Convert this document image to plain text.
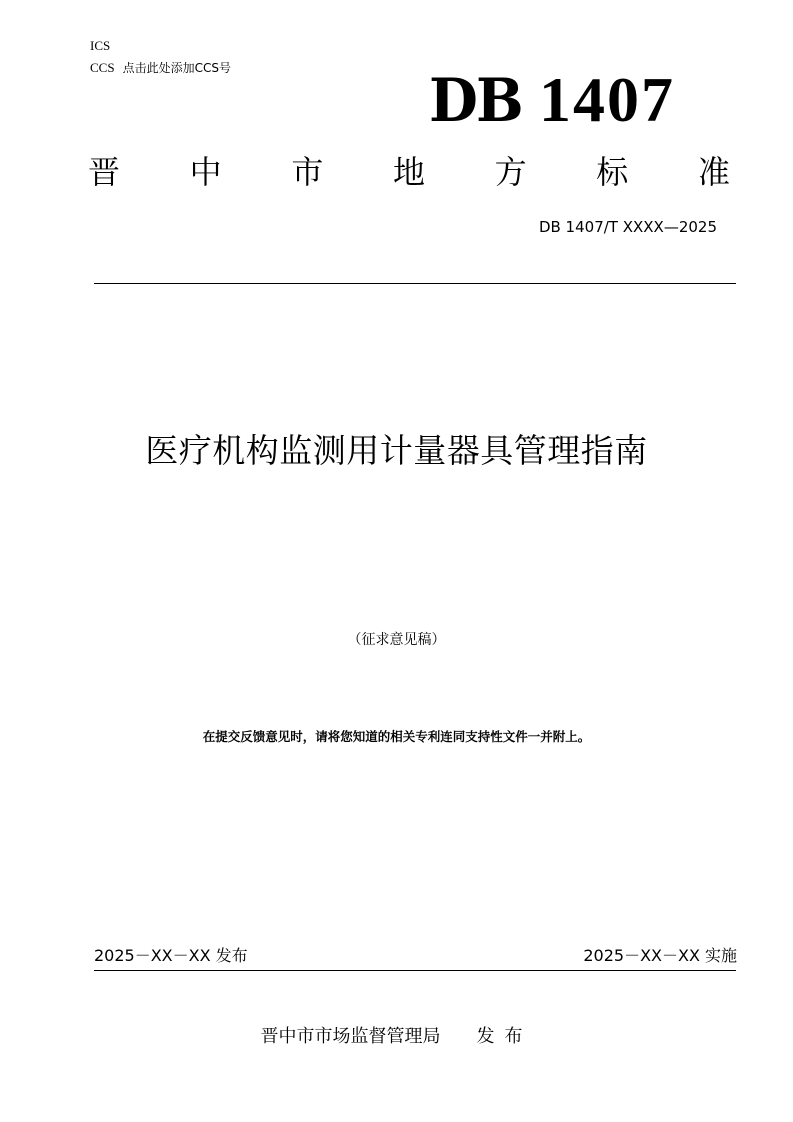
ICS
CCS 点击此处添加CCS号	DB 1407
晋 中 市 地 方 标 准
DB 1407/T XXXX—2025
医疗机构监测用计量器具管理指南
（征求意见稿）
在提交反馈意见时，请将您知道的相关专利连同支持性文件一并附上。
2025－XX－XX 发布	2025－XX－XX 实施
晋中市市场监督管理局 发布
